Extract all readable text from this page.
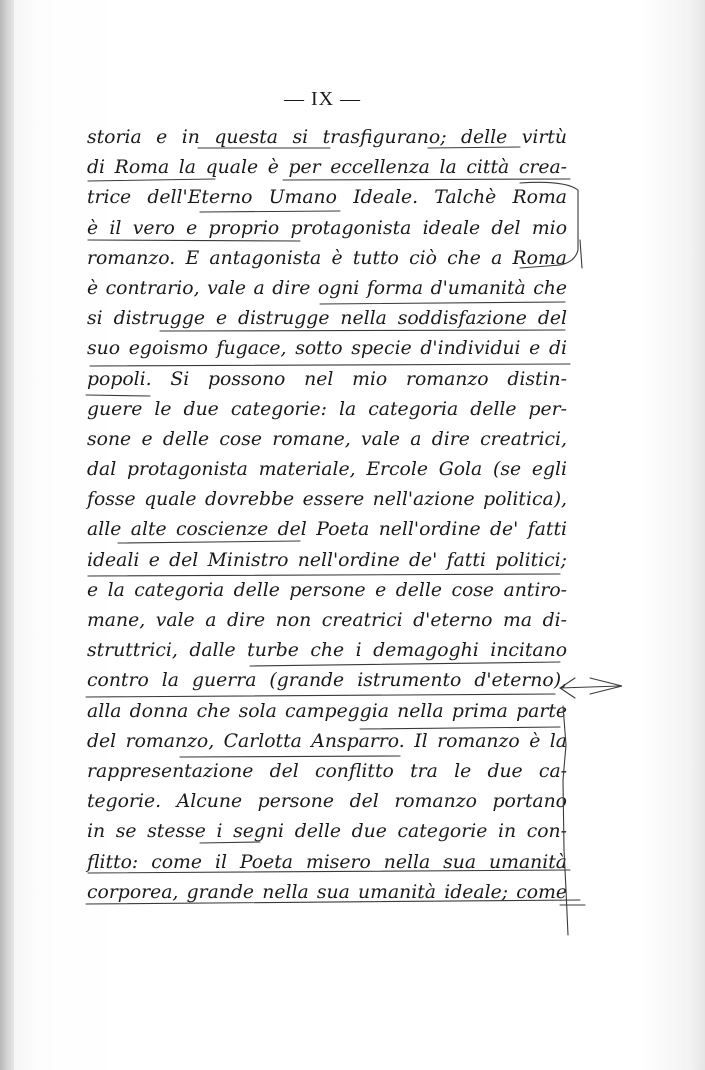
— IX —
storia e in questa si trasfigurano; delle virtù
di Roma la quale è per eccellenza la città crea-
trice dell'Eterno Umano Ideale. Talchè Roma
è il vero e proprio protagonista ideale del mio
romanzo. E antagonista è tutto ciò che a Roma
è contrario, vale a dire ogni forma d'umanità che
si distrugge e distrugge nella soddisfazione del
suo egoismo fugace, sotto specie d'individui e di
popoli. Si possono nel mio romanzo distin-
guere le due categorie: la categoria delle per-
sone e delle cose romane, vale a dire creatrici,
dal protagonista materiale, Ercole Gola (se egli
fosse quale dovrebbe essere nell'azione politica),
alle alte coscienze del Poeta nell'ordine de' fatti
ideali e del Ministro nell'ordine de' fatti politici;
e la categoria delle persone e delle cose antiro-
mane, vale a dire non creatrici d'eterno ma di-
struttrici, dalle turbe che i demagoghi incitano
contro la guerra (grande istrumento d'eterno),
alla donna che sola campeggia nella prima parte
del romanzo, Carlotta Ansparro. Il romanzo è la
rappresentazione del conflitto tra le due ca-
tegorie. Alcune persone del romanzo portano
in se stesse i segni delle due categorie in con-
flitto: come il Poeta misero nella sua umanità
corporea, grande nella sua umanità ideale; come
